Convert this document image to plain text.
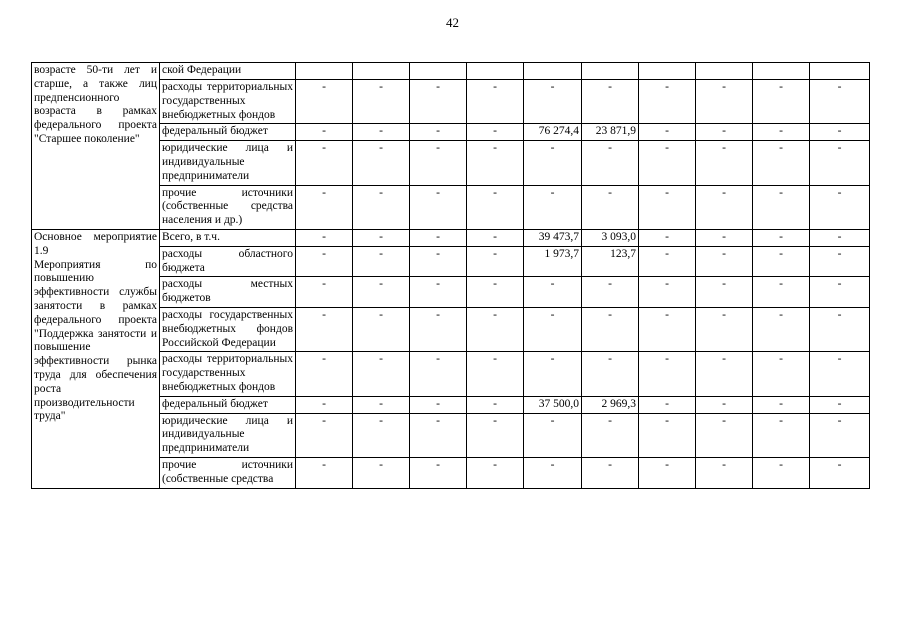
42
возрасте 50-ти лет и старше, а также лиц предпенсионного возраста в рамках федерального проекта "Старшее поколение"	ской Федерации										
	расходы территориальных государственных внебюджетных фондов	-	-	-	-	-	-	-	-	-	-
	федеральный бюджет	-	-	-	-	76 274,4	23 871,9	-	-	-	-
	юридические лица и индивидуальные предприниматели	-	-	-	-	-	-	-	-	-	-
	прочие источники (собственные средства населения и др.)	-	-	-	-	-	-	-	-	-	-

Основное мероприятие 1.9
Мероприятия по повышению эффективности службы занятости в рамках федерального проекта "Поддержка занятости и повышение эффективности рынка труда для обеспечения роста производительности труда"	Всего, в т.ч.	-	-	-	-	39 473,7	3 093,0	-	-	-	-
	расходы областного бюджета	-	-	-	-	1 973,7	123,7	-	-	-	-
	расходы местных бюджетов	-	-	-	-	-	-	-	-	-	-
	расходы государственных внебюджетных фондов Российской Федерации	-	-	-	-	-	-	-	-	-	-
	расходы территориальных государственных внебюджетных фондов	-	-	-	-	-	-	-	-	-	-
	федеральный бюджет	-	-	-	-	37 500,0	2 969,3	-	-	-	-
	юридические лица и индивидуальные предприниматели	-	-	-	-	-	-	-	-	-	-
	прочие источники (собственные средства	-	-	-	-	-	-	-	-	-	-
